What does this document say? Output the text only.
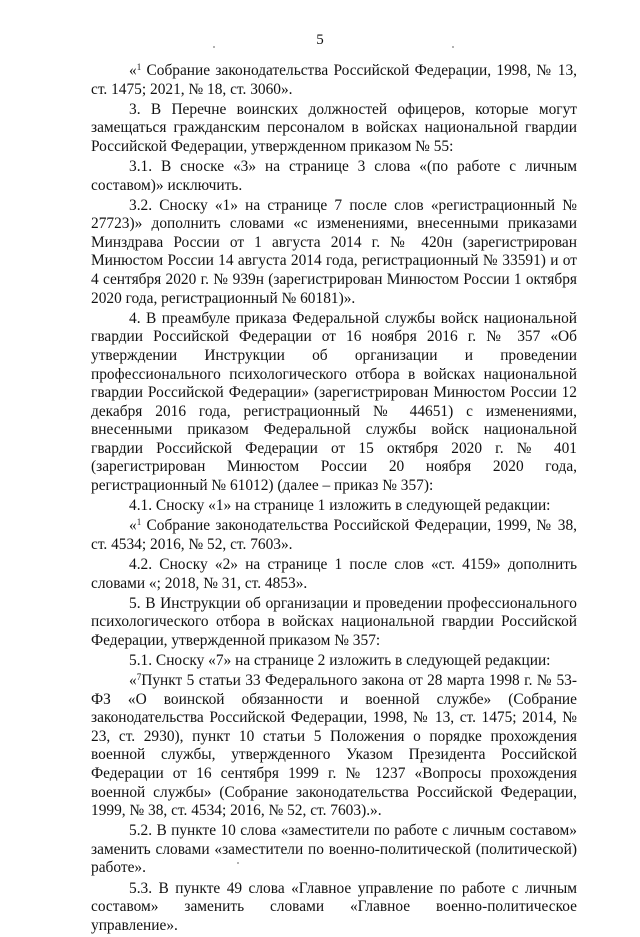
5

«$^1$ Собрание законодательства Российской Федерации, 1998, № 13, ст. 1475; 2021, № 18, ст. 3060».

3. В Перечне воинских должностей офицеров, которые могут замещаться гражданским персоналом в войсках национальной гвардии Российской Федерации, утвержденном приказом № 55:

3.1. В сноске «3» на странице 3 слова «(по работе с личным составом)» исключить.

3.2. Сноску «1» на странице 7 после слов «регистрационный № 27723)» дополнить словами «с изменениями, внесенными приказами Минздрава России от 1 августа 2014 г. № 420н (зарегистрирован Минюстом России 14 августа 2014 года, регистрационный № 33591) и от 4 сентября 2020 г. № 939н (зарегистрирован Минюстом России 1 октября 2020 года, регистрационный № 60181)».

4. В преамбуле приказа Федеральной службы войск национальной гвардии Российской Федерации от 16 ноября 2016 г. № 357 «Об утверждении Инструкции об организации и проведении профессионального психологического отбора в войсках национальной гвардии Российской Федерации» (зарегистрирован Минюстом России 12 декабря 2016 года, регистрационный № 44651) с изменениями, внесенными приказом Федеральной службы войск национальной гвардии Российской Федерации от 15 октября 2020 г. № 401 (зарегистрирован Минюстом России 20 ноября 2020 года, регистрационный № 61012) (далее – приказ № 357):

4.1. Сноску «1» на странице 1 изложить в следующей редакции:

«$^1$ Собрание законодательства Российской Федерации, 1999, № 38, ст. 4534; 2016, № 52, ст. 7603».

4.2. Сноску «2» на странице 1 после слов «ст. 4159» дополнить словами «; 2018, № 31, ст. 4853».

5. В Инструкции об организации и проведении профессионального психологического отбора в войсках национальной гвардии Российской Федерации, утвержденной приказом № 357:

5.1. Сноску «7» на странице 2 изложить в следующей редакции:

«$^7$Пункт 5 статьи 33 Федерального закона от 28 марта 1998 г. № 53-ФЗ «О воинской обязанности и военной службе» (Собрание законодательства Российской Федерации, 1998, № 13, ст. 1475; 2014, № 23, ст. 2930), пункт 10 статьи 5 Положения о порядке прохождения военной службы, утвержденного Указом Президента Российской Федерации от 16 сентября 1999 г. № 1237 «Вопросы прохождения военной службы» (Собрание законодательства Российской Федерации, 1999, № 38, ст. 4534; 2016, № 52, ст. 7603).».

5.2. В пункте 10 слова «заместители по работе с личным составом» заменить словами «заместители по военно-политической (политической) работе».

5.3. В пункте 49 слова «Главное управление по работе с личным составом» заменить словами «Главное военно-политическое управление».
